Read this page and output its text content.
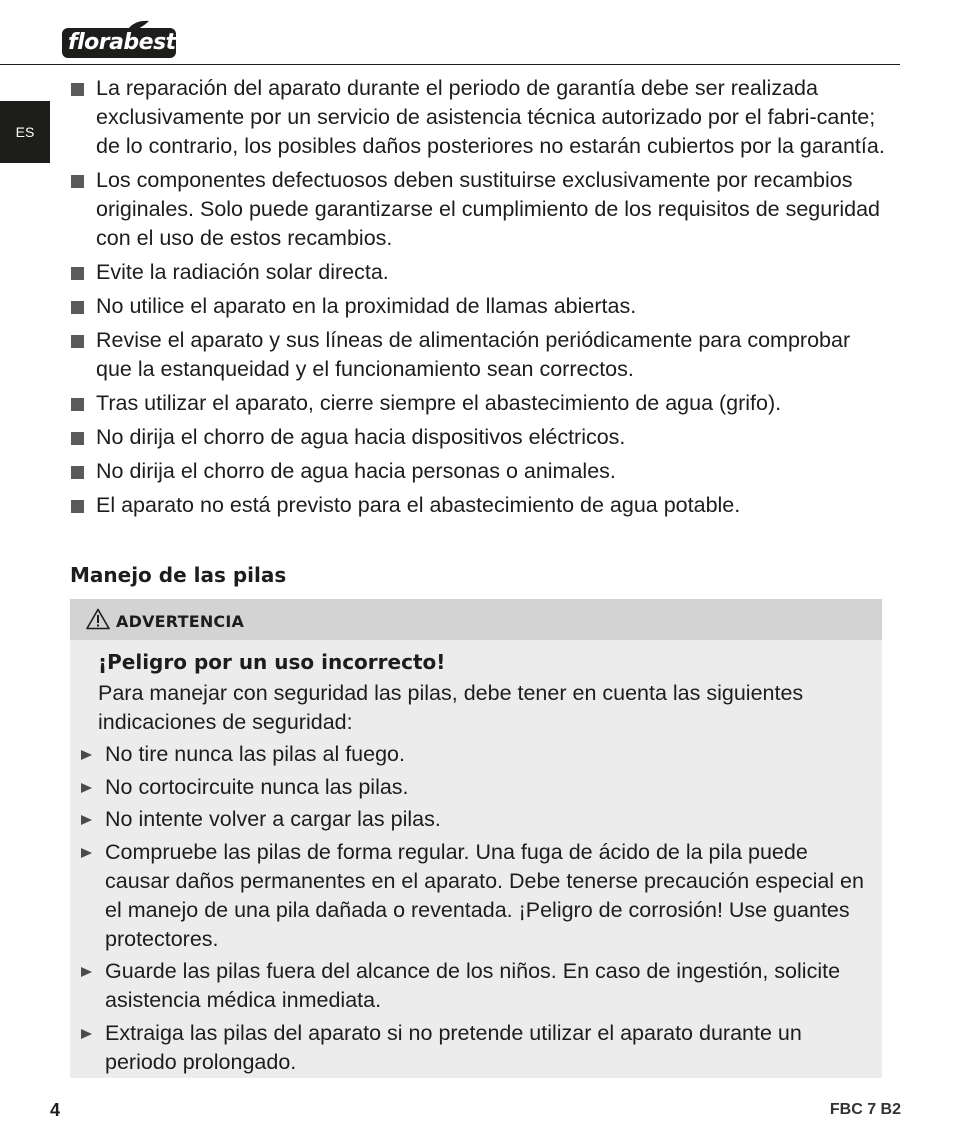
florabest
ES
La reparación del aparato durante el periodo de garantía debe ser realizada exclusivamente por un servicio de asistencia técnica autorizado por el fabri-cante; de lo contrario, los posibles daños posteriores no estarán cubiertos por la garantía.
Los componentes defectuosos deben sustituirse exclusivamente por recambios originales. Solo puede garantizarse el cumplimiento de los requisitos de seguridad con el uso de estos recambios.
Evite la radiación solar directa.
No utilice el aparato en la proximidad de llamas abiertas.
Revise el aparato y sus líneas de alimentación periódicamente para comprobar que la estanqueidad y el funcionamiento sean correctos.
Tras utilizar el aparato, cierre siempre el abastecimiento de agua (grifo).
No dirija el chorro de agua hacia dispositivos eléctricos.
No dirija el chorro de agua hacia personas o animales.
El aparato no está previsto para el abastecimiento de agua potable.
Manejo de las pilas
ADVERTENCIA
¡Peligro por un uso incorrecto!
Para manejar con seguridad las pilas, debe tener en cuenta las siguientes indicaciones de seguridad:
No tire nunca las pilas al fuego.
No cortocircuite nunca las pilas.
No intente volver a cargar las pilas.
Compruebe las pilas de forma regular. Una fuga de ácido de la pila puede causar daños permanentes en el aparato. Debe tenerse precaución especial en el manejo de una pila dañada o reventada. ¡Peligro de corrosión! Use guantes protectores.
Guarde las pilas fuera del alcance de los niños. En caso de ingestión, solicite asistencia médica inmediata.
Extraiga las pilas del aparato si no pretende utilizar el aparato durante un periodo prolongado.
4	FBC 7 B2
